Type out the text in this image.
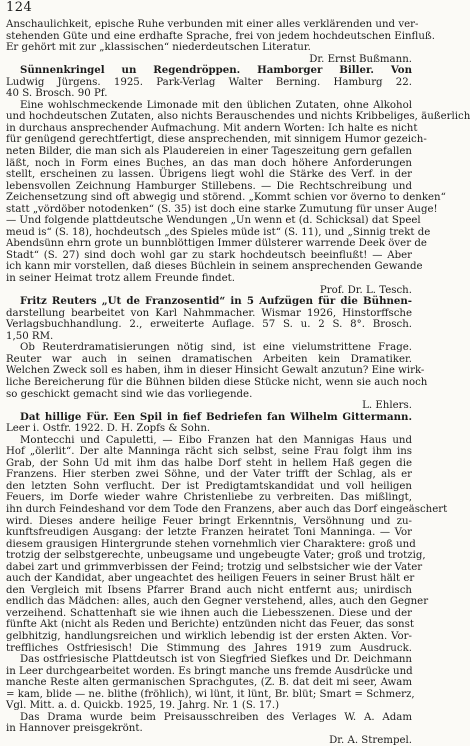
124
Anschaulichkeit, epische Ruhe verbunden mit einer alles verklärenden und ver-
stehenden Güte und eine erdhafte Sprache, frei von jedem hochdeutschen Einfluß.
Er gehört mit zur „klassischen“ niederdeutschen Literatur.
Dr. Ernst Bußmann.
Sünnenkringel un Regendröppen. Hamborger Biller. Von
Ludwig Jürgens. 1925. Park-Verlag Walter Berning. Hamburg 22.
40 S. Brosch. 90 Pf.
Eine wohlschmeckende Limonade mit den üblichen Zutaten, ohne Alkohol
und hochdeutschen Zutaten, also nichts Berauschendes und nichts Kribbeliges, äußerlich
in durchaus ansprechender Aufmachung. Mit andern Worten: Ich halte es nicht
für genügend gerechtfertigt, diese ansprechenden, mit sinnigem Humor gezeich-
neten Bilder, die man sich als Plaudereien in einer Tageszeitung gern gefallen
läßt, noch in Form eines Buches, an das man doch höhere Anforderungen
stellt, erscheinen zu lassen. Übrigens liegt wohl die Stärke des Verf. in der
lebensvollen Zeichnung Hamburger Stillebens. — Die Rechtschreibung und
Zeichensetzung sind oft abwegig und störend. „Kommt schien vor överno to denken“
statt „vördöber notodenken“ (S. 35) ist doch eine starke Zumutung für unser Auge!
— Und folgende plattdeutsche Wendungen „Un wenn et (d. Schicksal) dat Speel
meud is“ (S. 18), hochdeutsch „des Spieles müde ist“ (S. 11), und „Sinnig trekt de
Abendsünn ehrn grote un bunnblöttigen Immer dülsterer warrende Deek över de
Stadt“ (S. 27) sind doch wohl gar zu stark hochdeutsch beeinflußt! — Aber
ich kann mir vorstellen, daß dieses Büchlein in seinem ansprechenden Gewande
in seiner Heimat trotz allem Freunde findet.
Prof. Dr. L. Tesch.
Fritz Reuters „Ut de Franzosentid“ in 5 Aufzügen für die Bühnen-
darstellung bearbeitet von Karl Nahmmacher. Wismar 1926, Hinstorffsche
Verlagsbuchhandlung. 2., erweiterte Auflage. 57 S. u. 2 S. 8°. Brosch.
1,50 RM.
Ob Reuterdramatisierungen nötig sind, ist eine vielumstrittene Frage.
Reuter war auch in seinen dramatischen Arbeiten kein Dramatiker.
Welchen Zweck soll es haben, ihm in dieser Hinsicht Gewalt anzutun? Eine wirk-
liche Bereicherung für die Bühnen bilden diese Stücke nicht, wenn sie auch noch
so geschickt gemacht sind wie das vorliegende.
L. Ehlers.
Dat hillige Für. Een Spil in fief Bedriefen fan Wilhelm Gittermann.
Leer i. Ostfr. 1922. D. H. Zopfs & Sohn.
Montecchi und Capuletti, — Eibo Franzen hat den Mannigas Haus und
Hof „ölerlit“. Der alte Manninga rächt sich selbst, seine Frau folgt ihm ins
Grab, der Sohn Ud mit ihm das halbe Dorf steht in hellem Haß gegen die
Franzens. Hier sterben zwei Söhne, und der Vater trifft der Schlag, als er
den letzten Sohn verflucht. Der ist Predigtamtskandidat und voll heiligen
Feuers, im Dorfe wieder wahre Christenliebe zu verbreiten. Das mißlingt,
ihn durch Feindeshand vor dem Tode den Franzens, aber auch das Dorf eingeäschert
wird. Dieses andere heilige Feuer bringt Erkenntnis, Versöhnung und zu-
kunftsfreudigen Ausgang: der letzte Franzen heiratet Toni Manninga. — Vor
diesem grausigen Hintergrunde stehen vornehmlich vier Charaktere: groß und
trotzig der selbstgerechte, unbeugsame und ungebeugte Vater; groß und trotzig,
dabei zart und grimmverbissen der Feind; trotzig und selbstsicher wie der Vater
auch der Kandidat, aber ungeachtet des heiligen Feuers in seiner Brust hält er
den Vergleich mit Ibsens Pfarrer Brand auch nicht entfernt aus; unirdisch
endlich das Mädchen: alles, auch den Gegner verstehend, alles, auch den Gegner
verzeihend. Schattenhaft sie wie ihnen auch die Liebesszenen. Diese und der
fünfte Akt (nicht als Reden und Berichte) entzünden nicht das Feuer, das sonst
gelbhitzig, handlungsreichen und wirklich lebendig ist der ersten Akten. Vor-
treffliches Ostfriesisch! Die Stimmung des Jahres 1919 zum Ausdruck.
Das ostfriesische Plattdeutsch ist von Siegfried Siefkes und Dr. Deichmann
in Leer durchgearbeitet worden. Es bringt manche uns fremde Ausdrücke und
manche Reste alten germanischen Sprachgutes, (Z. B. dat deit mi seer, Awam
= kam, blide — ne. blithe (fröhlich), wi lünt, it lünt, Br. blüt; Smart = Schmerz,
Vgl. Mitt. a. d. Quickb. 1925, 19. Jahrg. Nr. 1 (S. 17.)
Das Drama wurde beim Preisausschreiben des Verlages W. A. Adam
in Hannover preisgekrönt.
Dr. A. Strempel.
